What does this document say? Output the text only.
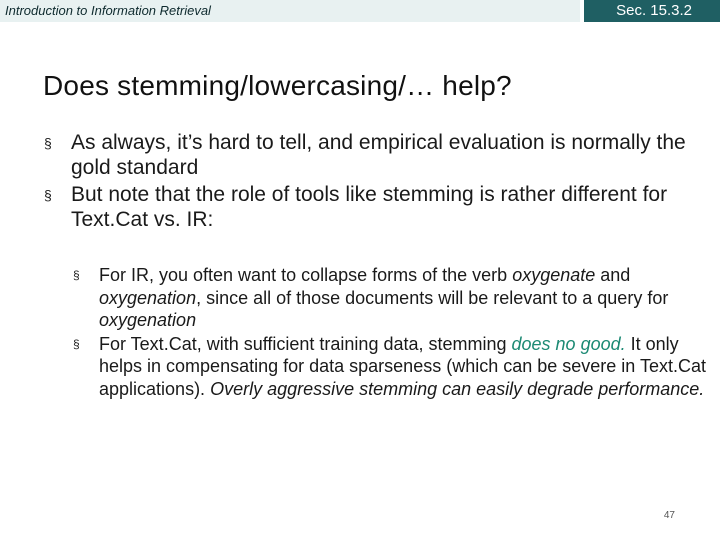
Introduction to Information Retrieval	Sec. 15.3.2
Does stemming/lowercasing/… help?
§ As always, it’s hard to tell, and empirical evaluation is normally the gold standard
§ But note that the role of tools like stemming is rather different for Text.Cat vs. IR:
§ For IR, you often want to collapse forms of the verb oxygenate and oxygenation, since all of those documents will be relevant to a query for oxygenation
§ For Text.Cat, with sufficient training data, stemming does no good. It only helps in compensating for data sparseness (which can be severe in Text.Cat applications). Overly aggressive stemming can easily degrade performance.
47
